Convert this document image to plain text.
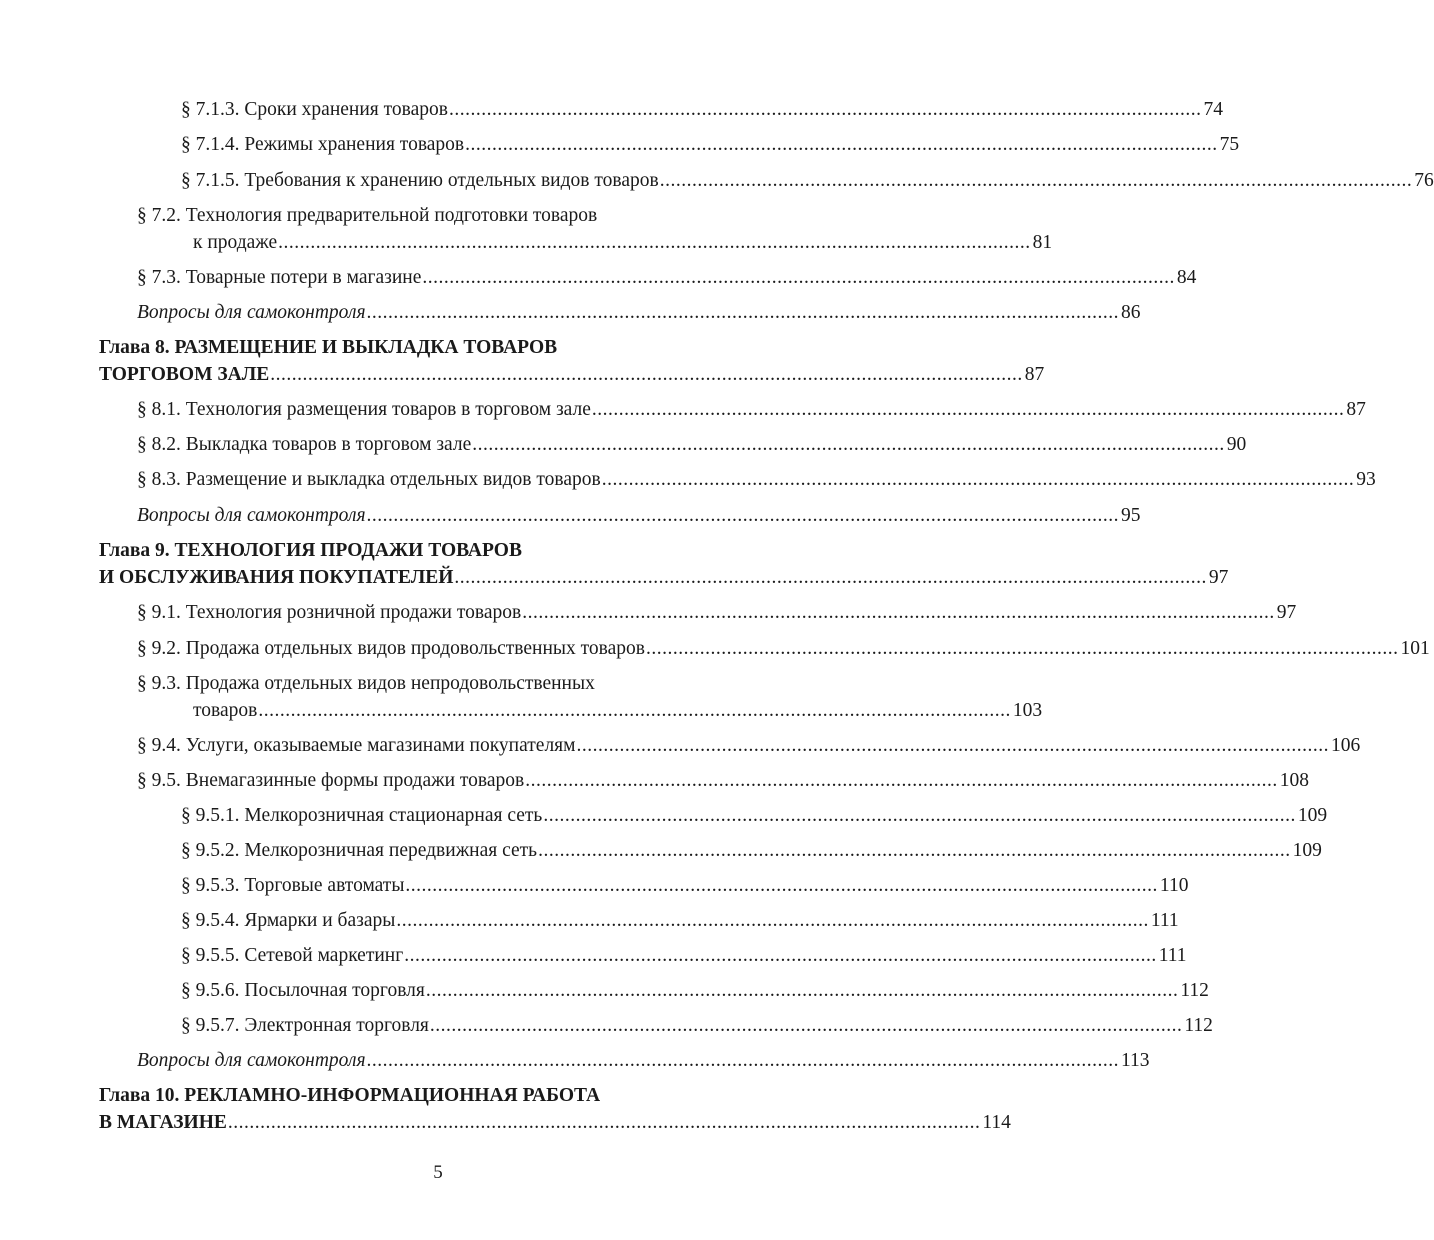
§ 7.1.3. Сроки хранения товаров ............................................................................................................................................ 74
§ 7.1.4. Режимы хранения товаров ............................................................................................................................................ 75
§ 7.1.5. Требования к хранению отдельных видов товаров ............................................................................................................................................ 76
§ 7.2. Технология предварительной подготовки товаров
к продаже ............................................................................................................................................ 81
§ 7.3. Товарные потери в магазине ............................................................................................................................................ 84
Вопросы для самоконтроля ............................................................................................................................................ 86
Глава 8. РАЗМЕЩЕНИЕ И ВЫКЛАДКА ТОВАРОВ
ТОРГОВОМ ЗАЛЕ ............................................................................................................................................ 87
§ 8.1. Технология размещения товаров в торговом зале ............................................................................................................................................ 87
§ 8.2. Выкладка товаров в торговом зале ............................................................................................................................................ 90
§ 8.3. Размещение и выкладка отдельных видов товаров ............................................................................................................................................ 93
Вопросы для самоконтроля ............................................................................................................................................ 95
Глава 9. ТЕХНОЛОГИЯ ПРОДАЖИ ТОВАРОВ
И ОБСЛУЖИВАНИЯ ПОКУПАТЕЛЕЙ ............................................................................................................................................ 97
§ 9.1. Технология розничной продажи товаров ............................................................................................................................................ 97
§ 9.2. Продажа отдельных видов продовольственных товаров ............................................................................................................................................ 101
§ 9.3. Продажа отдельных видов непродовольственных
товаров ............................................................................................................................................ 103
§ 9.4. Услуги, оказываемые магазинами покупателям ............................................................................................................................................ 106
§ 9.5. Внемагазинные формы продажи товаров ............................................................................................................................................ 108
§ 9.5.1. Мелкорозничная стационарная сеть ............................................................................................................................................ 109
§ 9.5.2. Мелкорозничная передвижная сеть ............................................................................................................................................ 109
§ 9.5.3. Торговые автоматы ............................................................................................................................................ 110
§ 9.5.4. Ярмарки и базары ............................................................................................................................................ 111
§ 9.5.5. Сетевой маркетинг ............................................................................................................................................ 111
§ 9.5.6. Посылочная торговля ............................................................................................................................................ 112
§ 9.5.7. Электронная торговля ............................................................................................................................................ 112
Вопросы для самоконтроля ............................................................................................................................................ 113
Глава 10. РЕКЛАМНО-ИНФОРМАЦИОННАЯ РАБОТА
В МАГАЗИНЕ ............................................................................................................................................ 114
5
